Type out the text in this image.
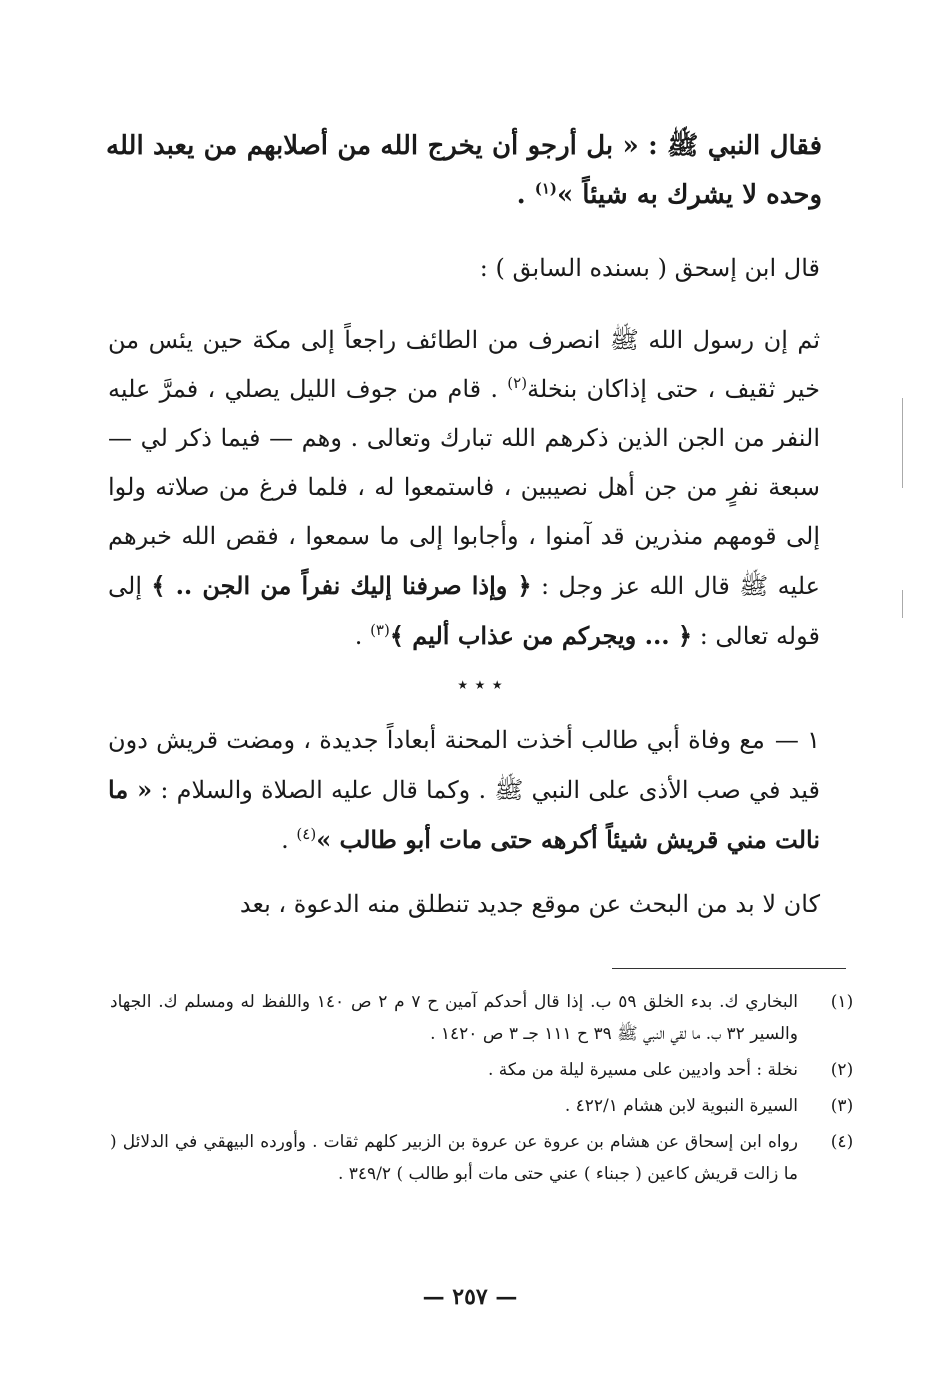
فقال النبي ﷺ : « بل أرجو أن يخرج الله من أصلابهم من يعبد الله وحده لا يشرك به شيئاً »$^{(١)}$ .
قال ابن إسحق ( بسنده السابق ) :
ثم إن رسول الله ﷺ انصرف من الطائف راجعاً إلى مكة حين يئس من خير ثقيف ، حتى إذاكان بنخلة$^{(٢)}$ . قام من جوف الليل يصلي ، فمرَّ عليه النفر من الجن الذين ذكرهم الله تبارك وتعالى . وهم — فيما ذكر لي — سبعة نفرٍ من جن أهل نصيبين ، فاستمعوا له ، فلما فرغ من صلاته ولوا إلى قومهم منذرين قد آمنوا ، وأجابوا إلى ما سمعوا ، فقص الله خبرهم عليه ﷺ قال الله عز وجل : ﴿ وإذا صرفنا إليك نفراً من الجن .. ﴾ إلى قوله تعالى : ﴿ ... ويجركم من عذاب أليم ﴾$^{(٣)}$ .
٭ ٭ ٭
١ —مع وفاة أبي طالب أخذت المحنة أبعاداً جديدة ، ومضت قريش دون قيد في صب الأذى على النبي ﷺ . وكما قال عليه الصلاة والسلام : « ما نالت مني قريش شيئاً أكرهه حتى مات أبو طالب »$^{(٤)}$ .
كان لا بد من البحث عن موقع جديد تنطلق منه الدعوة ، بعد
(١)
البخاري ك. بدء الخلق ٥٩ ب. إذا قال أحدكم آمين ح ٧ م ٢ ص ١٤٠ واللفظ له ومسلم ك. الجهاد والسير ٣٢ ب. ما لقي النبي ﷺ ٣٩ ح ١١١ جـ ٣ ص ١٤٢٠ .
(٢)
نخلة : أحد واديين على مسيرة ليلة من مكة .
(٣)
السيرة النبوية لابن هشام ٤٢٢/١ .
(٤)
رواه ابن إسحاق عن هشام بن عروة عن عروة بن الزبير كلهم ثقات . وأورده البيهقي في الدلائل ( ما زالت قريش كاعين ( جبناء ) عني حتى مات أبو طالب ) ٣٤٩/٢ .
— ٢٥٧ —
